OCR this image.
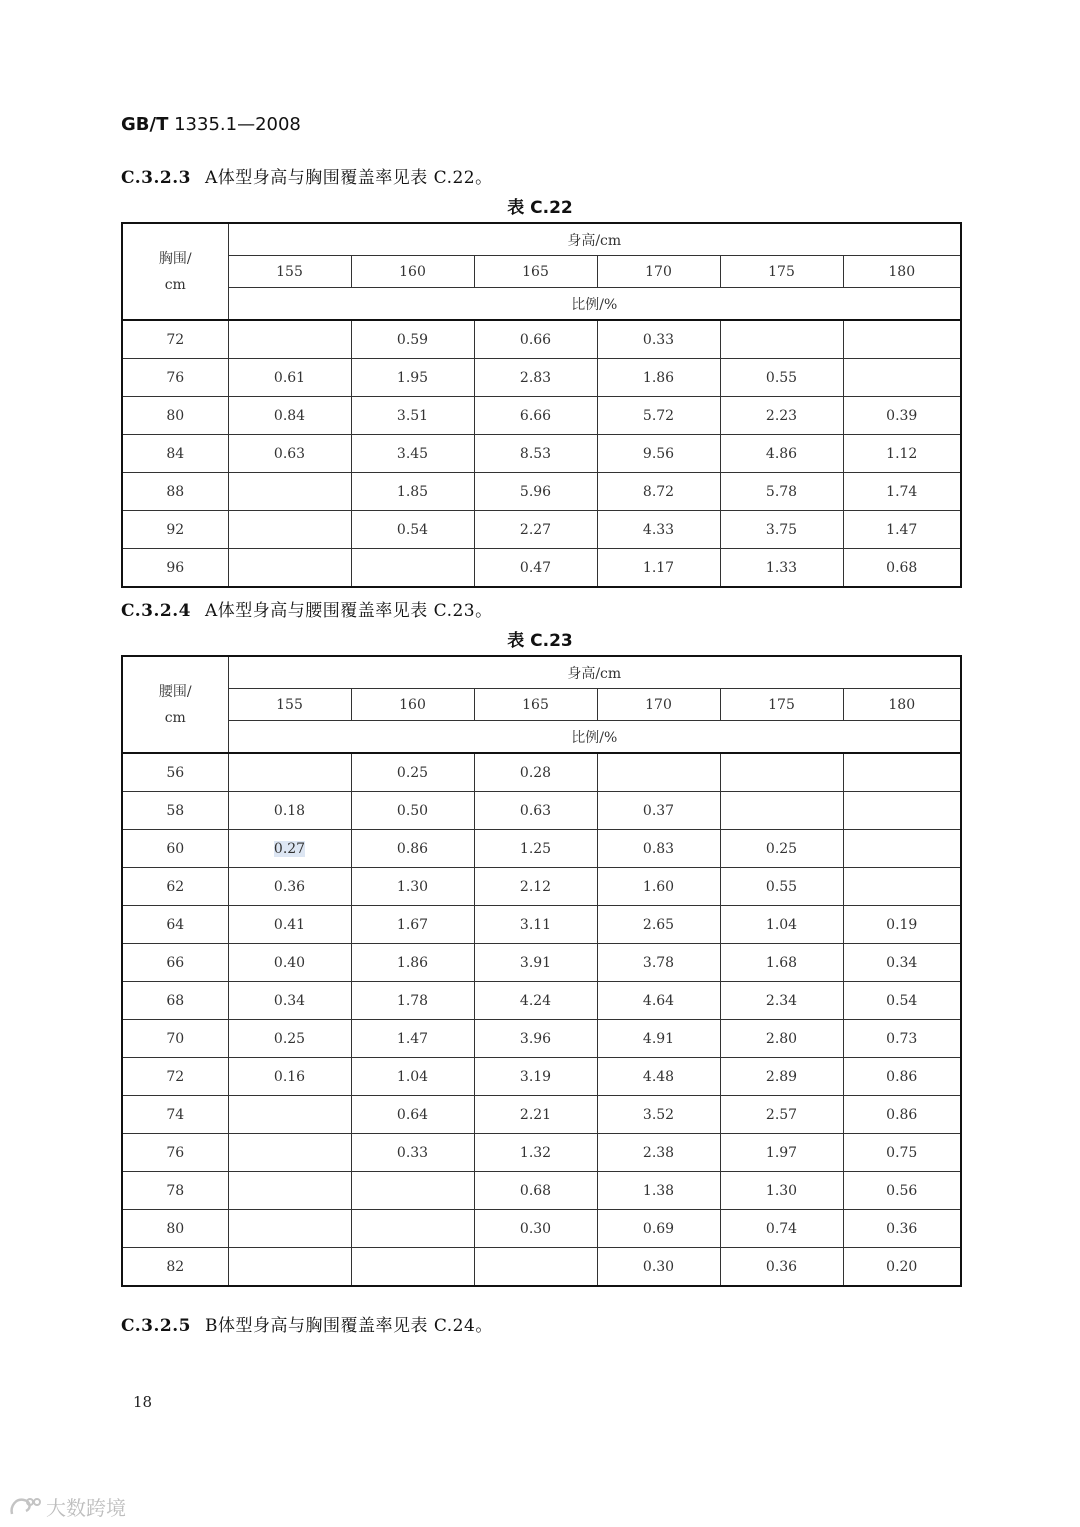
GB/T 1335.1—2008
C.3.2.3 A体型身高与胸围覆盖率见表 C.22。
表 C.22
胸围/
cm	身高/cm					
	155	160	165	170	175	180
	比例/%					
72		0.59	0.66	0.33		
76	0.61	1.95	2.83	1.86	0.55	
80	0.84	3.51	6.66	5.72	2.23	0.39
84	0.63	3.45	8.53	9.56	4.86	1.12
88		1.85	5.96	8.72	5.78	1.74
92		0.54	2.27	4.33	3.75	1.47
96			0.47	1.17	1.33	0.68
C.3.2.4 A体型身高与腰围覆盖率见表 C.23。
表 C.23
腰围/
cm	身高/cm					
	155	160	165	170	175	180
	比例/%					
56		0.25	0.28			
58	0.18	0.50	0.63	0.37		
60	0.27	0.86	1.25	0.83	0.25	
62	0.36	1.30	2.12	1.60	0.55	
64	0.41	1.67	3.11	2.65	1.04	0.19
66	0.40	1.86	3.91	3.78	1.68	0.34
68	0.34	1.78	4.24	4.64	2.34	0.54
70	0.25	1.47	3.96	4.91	2.80	0.73
72	0.16	1.04	3.19	4.48	2.89	0.86
74		0.64	2.21	3.52	2.57	0.86
76		0.33	1.32	2.38	1.97	0.75
78			0.68	1.38	1.30	0.56
80			0.30	0.69	0.74	0.36
82				0.30	0.36	0.20
C.3.2.5 B体型身高与胸围覆盖率见表 C.24。
18
大数跨境
